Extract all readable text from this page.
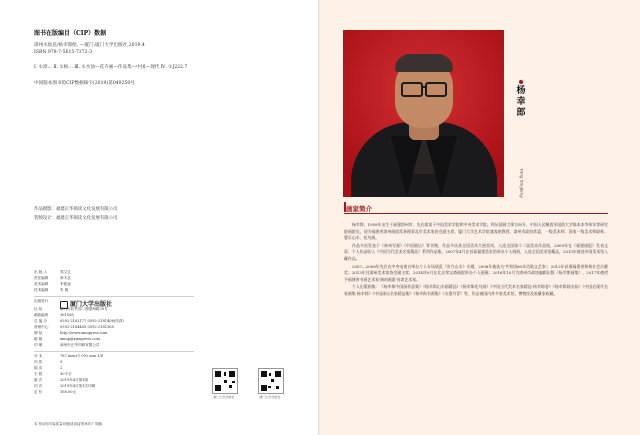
图书在版编目（CIP）数据
漳州水仙花/杨幸郎绘. —厦门:厦门大学出版社,2019.4
ISBN 978-7-5615-7372-3
Ⅰ. ①漳… Ⅱ. ①杨… Ⅲ. ①水仙—花卉画—作品集—中国—现代 Ⅳ. ①J222.7
中国版本图书馆CIP数据核字(2019)第049250号
作品摄影：福建正华阅读文化发展有限公司
装帧设计：福建正华阅读文化发展有限公司
出 版 人	郑文礼
责任编辑	章木良
美术编辑	李夏凌
技术编辑	朱 楷
出版发行	厦门大学出版社
社 址	厦门市软件园二期望海路39号
邮政编码	361008
总 编 办	0592-2182177 0592-2181406(传真)
营销中心	0592-2184458 0592-2181365
网 址	http://www.xmupress.com
邮 箱	xmup@xmupress.com
印 刷	漳州市正华印刷有限公司
开 本	787 mm×1 092 mm 1/8
印 张	9
插 页	2
字 数	30千字
版 次	2019年4月第1版
印 次	2019年4月第1次印刷
定 价	168.00元
厦门大学出版社	厦门大学出版社
本书如有印装质量问题请直接寄承印厂调换
杨幸郎
Yang Xinglang
画家简介

杨幸郎，1959年出生于福建漳州市。先后就读于中国美术学院和中央美术学院。师从国画大师方向升、中国人民解放军国防大学陈本本李伟军等研究院画院长，现为福建省漳州画院常务理事及市美术家协会副主席，厦门大学艺术学院兼客座教授、漳州市政协常委，一级美术师，国家一级美术师职称。曹乐山水、花鸟画。

作品多次发表于《神州写画》《中国画坛》等刊物，作品多次获全国美术大展奖项，入选全国第十二届美术作品展，2009年在《福建画报》发表文章，个人作品收入《中国当代美术名家精品》系列作品集，2007年4月在首届福建美术馆举办个人画展，入选全国美术馆藏品，2013年被选中国美术馆入藏作品。

2007—2008年先后在中央电视台举办个人专场展览《岁月山水》专题，2008年被选为'共和国60年功勋文艺家'；2012年获颁福建省和谐社会贡献奖；2013年任漳州美术家协会副主席，2014年9月在北京荣宝斋画院举办个人画展；2016年10月为漳州市政协编辑出版《杨幸郎画集》，2017年被授予福建省书画艺术家'闽南画派'首席艺术家。

个人出版画集：《杨幸郎中国画作品集》《杨幸郎山水画精品》《杨幸郎花鸟画》《中国当代美术名家精品·杨幸郎卷》《杨幸郎画水仙》《中国近现代名家画集·杨幸郎》《中国画坛名家精品集》《杨幸郎书画集》《水墨丹青》等，作品被国内外多家美术馆、博物馆及收藏家收藏。
